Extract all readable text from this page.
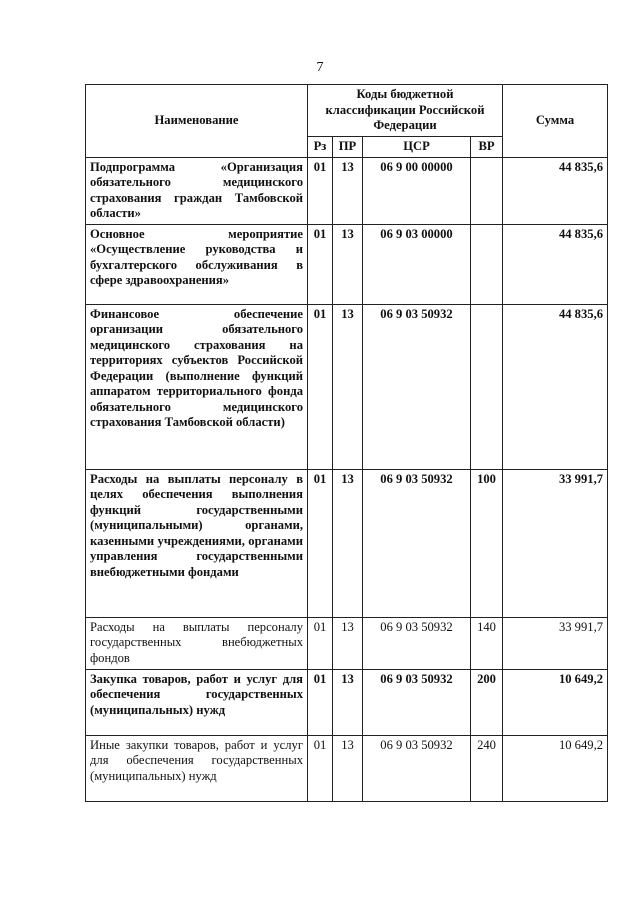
7
Наименование	Коды бюджетной классификации Российской Федерации				Сумма
	Рз	ПР	ЦСР	ВР	
Подпрограмма «Организация обязательного медицинского страхования граждан Тамбовской области»	01	13	06 9 00 00000		44 835,6
Основное мероприятие «Осуществление руководства и бухгалтерского обслуживания в сфере здравоохранения»	01	13	06 9 03 00000		44 835,6
Финансовое обеспечение организации обязательного медицинского страхования на территориях субъектов Российской Федерации (выполнение функций аппаратом территориального фонда обязательного медицинского страхования Тамбовской области)	01	13	06 9 03 50932		44 835,6
Расходы на выплаты персоналу в целях обеспечения выполнения функций государственными (муниципальными) органами, казенными учреждениями, органами управления государственными внебюджетными фондами	01	13	06 9 03 50932	100	33 991,7
Расходы на выплаты персоналу государственных внебюджетных фондов	01	13	06 9 03 50932	140	33 991,7
Закупка товаров, работ и услуг для обеспечения государственных (муниципальных) нужд	01	13	06 9 03 50932	200	10 649,2
Иные закупки товаров, работ и услуг для обеспечения государственных (муниципальных) нужд	01	13	06 9 03 50932	240	10 649,2
